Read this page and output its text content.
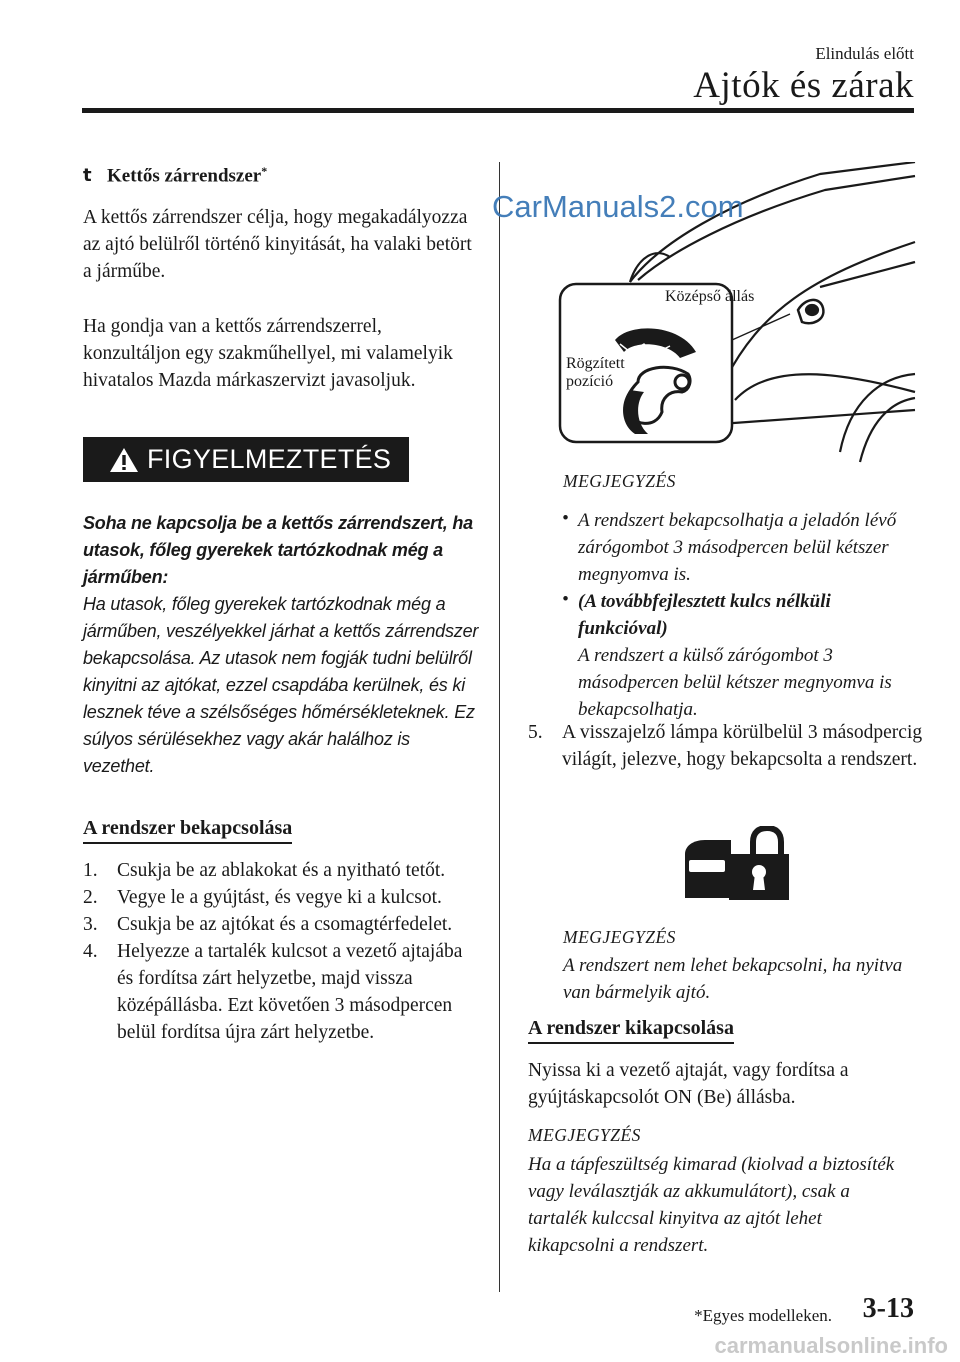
Elindulás előtt
Ajtók és zárak
t Kettős zárrendszer*
A kettős zárrendszer célja, hogy megakadályozza az ajtó belülről történő kinyitását, ha valaki betört a járműbe.
Ha gondja van a kettős zárrendszerrel, konzultáljon egy szakműhellyel, mi valamelyik hivatalos Mazda márkaszervizt javasoljuk.
FIGYELMEZTETÉS
Soha ne kapcsolja be a kettős zárrendszert, ha utasok, főleg gyerekek tartózkodnak még a járműben:
Ha utasok, főleg gyerekek tartózkodnak még a járműben, veszélyekkel járhat a kettős zárrendszer bekapcsolása. Az utasok nem fogják tudni belülről kinyitni az ajtókat, ezzel csapdába kerülnek, és ki lesznek téve a szélsőséges hőmérsékleteknek. Ez súlyos sérülésekhez vagy akár halálhoz is vezethet.
A rendszer bekapcsolása
1. Csukja be az ablakokat és a nyitható tetőt.
2. Vegye le a gyújtást, és vegye ki a kulcsot.
3. Csukja be az ajtókat és a csomagtérfedelet.
4. Helyezze a tartalék kulcsot a vezető ajtajába és fordítsa zárt helyzetbe, majd vissza középállásba. Ezt követően 3 másodpercen belül fordítsa újra zárt helyzetbe.
Középső állás
Rögzített pozíció
MEGJEGYZÉS
• A rendszert bekapcsolhatja a jeladón lévő zárógombot 3 másodpercen belül kétszer megnyomva is.
• (A továbbfejlesztett kulcs nélküli funkcióval)
A rendszert a külső zárógombot 3 másodpercen belül kétszer megnyomva is bekapcsolhatja.
5. A visszajelző lámpa körülbelül 3 másodpercig világít, jelezve, hogy bekapcsolta a rendszert.
MEGJEGYZÉS
A rendszert nem lehet bekapcsolni, ha nyitva van bármelyik ajtó.
A rendszer kikapcsolása
Nyissa ki a vezető ajtaját, vagy fordítsa a gyújtáskapcsolót ON (Be) állásba.
MEGJEGYZÉS
Ha a tápfeszültség kimarad (kiolvad a biztosíték vagy leválasztják az akkumulátort), csak a tartalék kulccsal kinyitva az ajtót lehet kikapcsolni a rendszert.
*Egyes modelleken. 3-13
CarManuals2.com
carmanualsonline.info
